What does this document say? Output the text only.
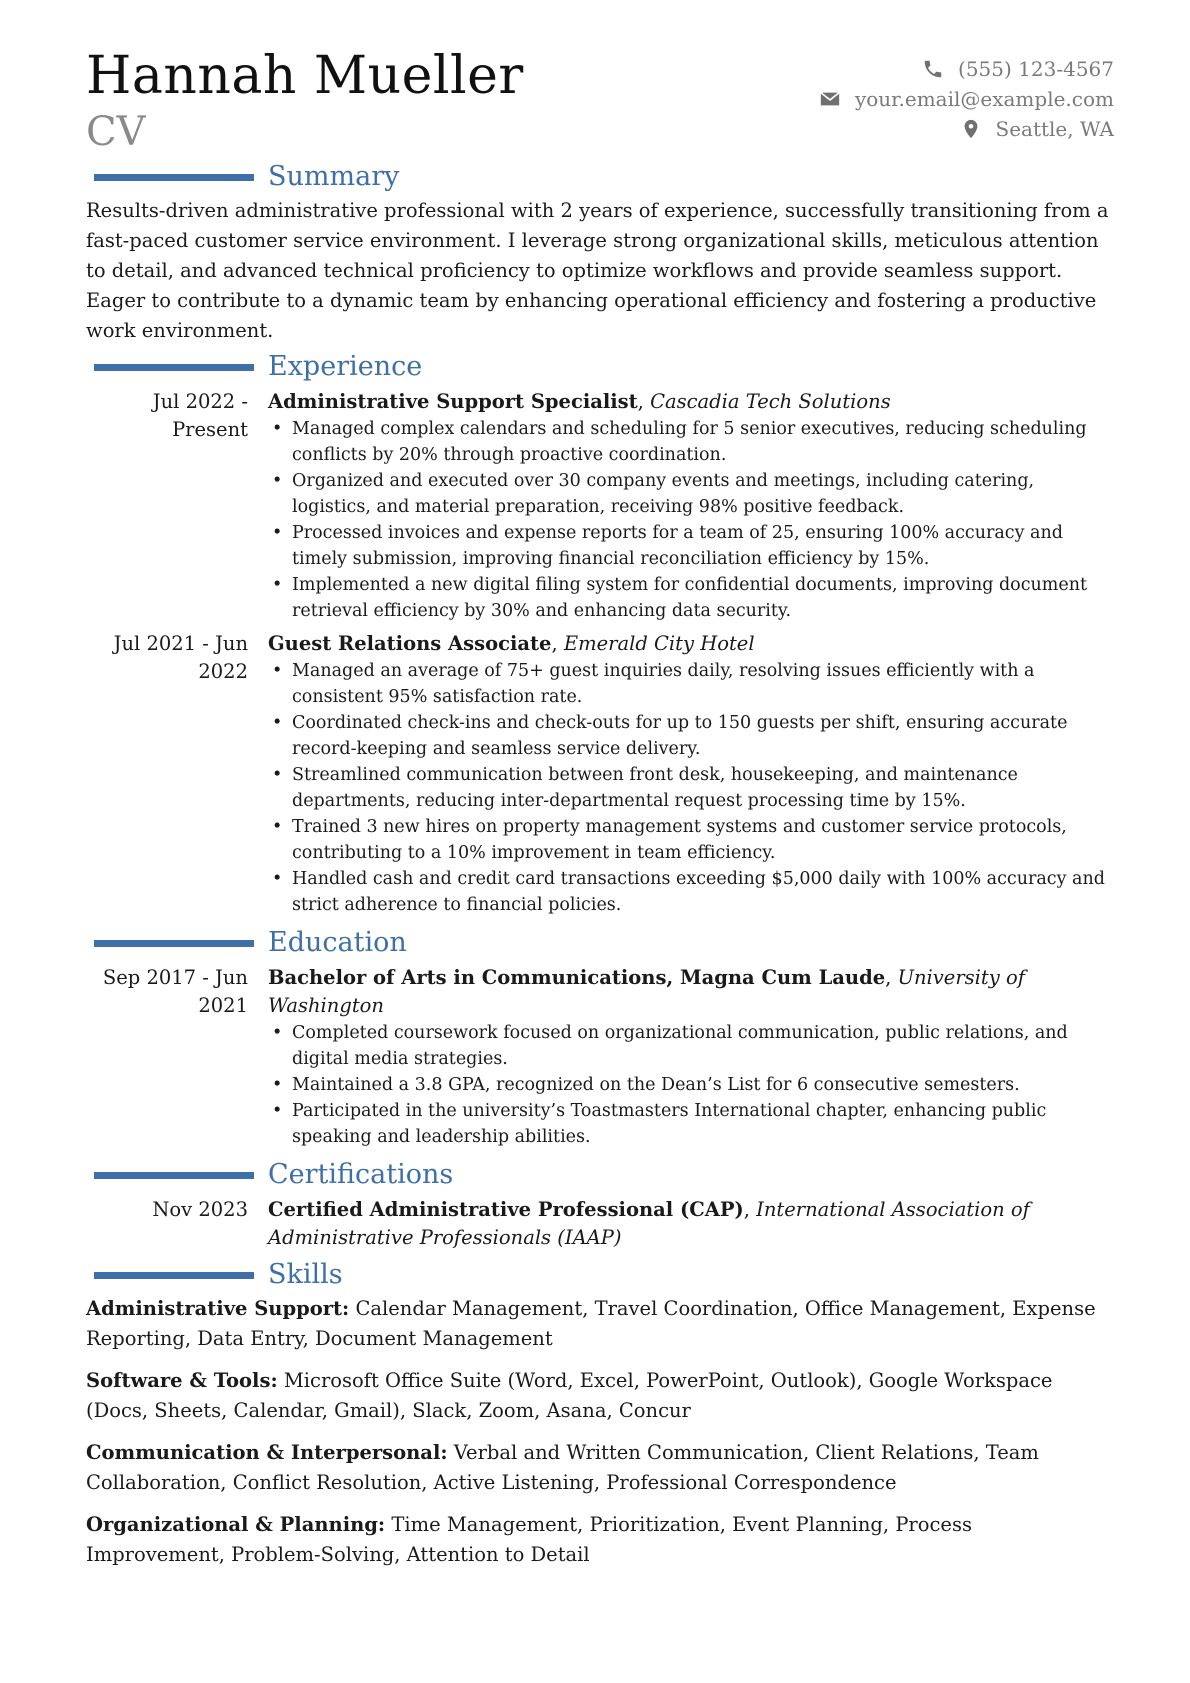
Hannah Mueller
CV
(555) 123-4567
your.email@example.com
Seattle, WA
Summary

Results-driven administrative professional with 2 years of experience, successfully transitioning from a fast-paced customer service environment. I leverage strong organizational skills, meticulous attention to detail, and advanced technical proficiency to optimize workflows and provide seamless support. Eager to contribute to a dynamic team by enhancing operational efficiency and fostering a productive work environment.

Experience
Jul 2022 - Present
Administrative Support Specialist, Cascadia Tech Solutions
• Managed complex calendars and scheduling for 5 senior executives, reducing scheduling conflicts by 20% through proactive coordination.
• Organized and executed over 30 company events and meetings, including catering, logistics, and material preparation, receiving 98% positive feedback.
• Processed invoices and expense reports for a team of 25, ensuring 100% accuracy and timely submission, improving financial reconciliation efficiency by 15%.
• Implemented a new digital filing system for confidential documents, improving document retrieval efficiency by 30% and enhancing data security.
Jul 2021 - Jun 2022
Guest Relations Associate, Emerald City Hotel
• Managed an average of 75+ guest inquiries daily, resolving issues efficiently with a consistent 95% satisfaction rate.
• Coordinated check-ins and check-outs for up to 150 guests per shift, ensuring accurate record-keeping and seamless service delivery.
• Streamlined communication between front desk, housekeeping, and maintenance departments, reducing inter-departmental request processing time by 15%.
• Trained 3 new hires on property management systems and customer service protocols, contributing to a 10% improvement in team efficiency.
• Handled cash and credit card transactions exceeding $5,000 daily with 100% accuracy and strict adherence to financial policies.
Education
Sep 2017 - Jun 2021
Bachelor of Arts in Communications, Magna Cum Laude, University of Washington
• Completed coursework focused on organizational communication, public relations, and digital media strategies.
• Maintained a 3.8 GPA, recognized on the Dean’s List for 6 consecutive semesters.
• Participated in the university’s Toastmasters International chapter, enhancing public speaking and leadership abilities.
Certifications
Nov 2023	Certified Administrative Professional (CAP), International Association of Administrative Professionals (IAAP)
Skills
Administrative Support: Calendar Management, Travel Coordination, Office Management, Expense Reporting, Data Entry, Document Management
Software & Tools: Microsoft Office Suite (Word, Excel, PowerPoint, Outlook), Google Workspace (Docs, Sheets, Calendar, Gmail), Slack, Zoom, Asana, Concur
Communication & Interpersonal: Verbal and Written Communication, Client Relations, Team Collaboration, Conflict Resolution, Active Listening, Professional Correspondence
Organizational & Planning: Time Management, Prioritization, Event Planning, Process Improvement, Problem-Solving, Attention to Detail
